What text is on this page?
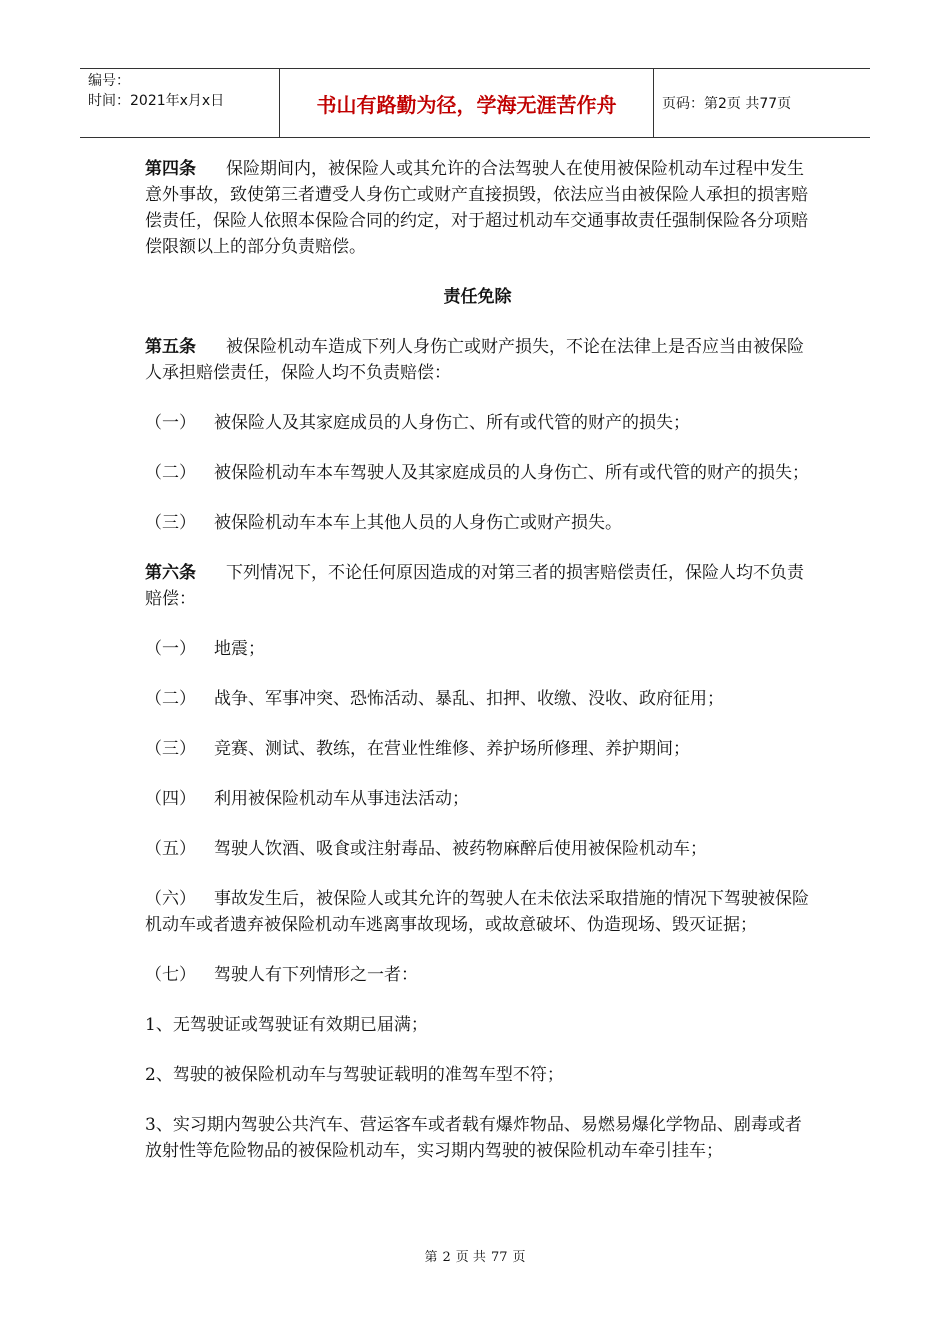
编号：
时间：2021年x月x日	书山有路勤为径，学海无涯苦作舟	页码：第2页 共77页

第四条 保险期间内，被保险人或其允许的合法驾驶人在使用被保险机动车过程中发生意外事故，致使第三者遭受人身伤亡或财产直接损毁，依法应当由被保险人承担的损害赔偿责任，保险人依照本保险合同的约定，对于超过机动车交通事故责任强制保险各分项赔偿限额以上的部分负责赔偿。

责任免除

第五条 被保险机动车造成下列人身伤亡或财产损失，不论在法律上是否应当由被保险人承担赔偿责任，保险人均不负责赔偿：

（一） 被保险人及其家庭成员的人身伤亡、所有或代管的财产的损失；

（二） 被保险机动车本车驾驶人及其家庭成员的人身伤亡、所有或代管的财产的损失；

（三） 被保险机动车本车上其他人员的人身伤亡或财产损失。

第六条 下列情况下，不论任何原因造成的对第三者的损害赔偿责任，保险人均不负责赔偿：

（一） 地震；

（二） 战争、军事冲突、恐怖活动、暴乱、扣押、收缴、没收、政府征用；

（三） 竞赛、测试、教练，在营业性维修、养护场所修理、养护期间；

（四） 利用被保险机动车从事违法活动；

（五） 驾驶人饮酒、吸食或注射毒品、被药物麻醉后使用被保险机动车；

（六） 事故发生后，被保险人或其允许的驾驶人在未依法采取措施的情况下驾驶被保险机动车或者遗弃被保险机动车逃离事故现场，或故意破坏、伪造现场、毁灭证据；

（七） 驾驶人有下列情形之一者：

1、无驾驶证或驾驶证有效期已届满；

2、驾驶的被保险机动车与驾驶证载明的准驾车型不符；

3、实习期内驾驶公共汽车、营运客车或者载有爆炸物品、易燃易爆化学物品、剧毒或者放射性等危险物品的被保险机动车，实习期内驾驶的被保险机动车牵引挂车；

第 2 页 共 77 页
